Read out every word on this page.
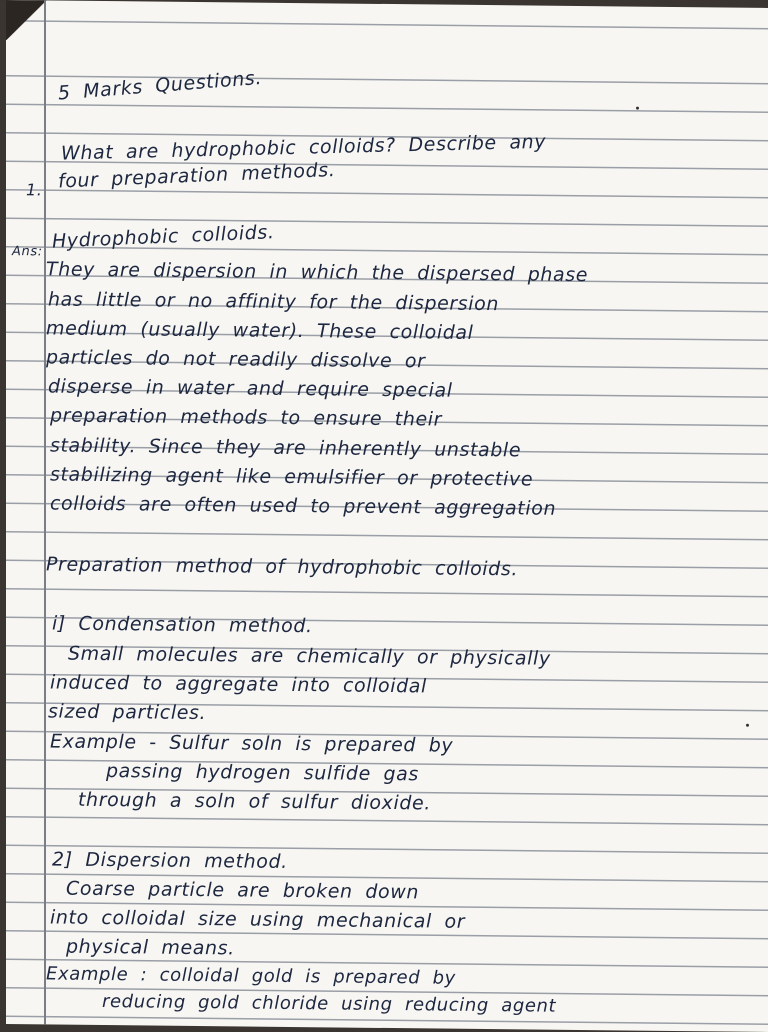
5 Marks Questions.
1.
What are hydrophobic colloids? Describe any
four preparation methods.
Ans: Hydrophobic colloids.
They are dispersion in which the dispersed phase
has little or no affinity for the dispersion
medium (usually water). These colloidal
particles do not readily dissolve or
disperse in water and require special
preparation methods to ensure their
stability. Since they are inherently unstable
stabilizing agent like emulsifier or protective
colloids are often used to prevent aggregation
Preparation method of hydrophobic colloids.
i] Condensation method.
Small molecules are chemically or physically
induced to aggregate into colloidal
sized particles.
Example - Sulfur soln is prepared by
passing hydrogen sulfide gas
through a soln of sulfur dioxide.
2] Dispersion method.
Coarse particle are broken down
into colloidal size using mechanical or
physical means.
Example : colloidal gold is prepared by
reducing gold chloride using reducing agent
